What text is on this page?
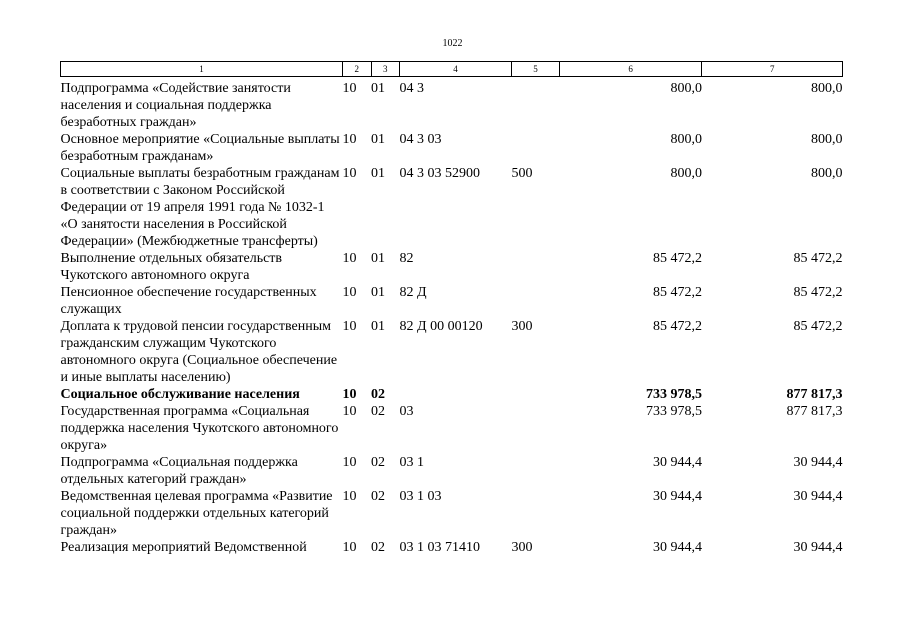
1022
1	2	3	4	5	6	7
Подпрограмма «Содействие занятости населения и социальная поддержка безработных граждан»	10	01	04 3		800,0	800,0
Основное мероприятие «Социальные выплаты безработным гражданам»	10	01	04 3 03		800,0	800,0
Социальные выплаты безработным гражданам в соответствии с Законом Российской Федерации от 19 апреля 1991 года № 1032-1 «О занятости населения в Российской Федерации» (Межбюджетные трансферты)	10	01	04 3 03 52900	500	800,0	800,0
Выполнение отдельных обязательств Чукотского автономного округа	10	01	82		85 472,2	85 472,2
Пенсионное обеспечение государственных служащих	10	01	82 Д		85 472,2	85 472,2
Доплата к трудовой пенсии государственным гражданским служащим Чукотского автономного округа (Социальное обеспечение и иные выплаты населению)	10	01	82 Д 00 00120	300	85 472,2	85 472,2
Социальное обслуживание населения	10	02			733 978,5	877 817,3
Государственная программа «Социальная поддержка населения Чукотского автономного округа»	10	02	03		733 978,5	877 817,3
Подпрограмма «Социальная поддержка отдельных категорий граждан»	10	02	03 1		30 944,4	30 944,4
Ведомственная целевая программа «Развитие социальной поддержки отдельных категорий граждан»	10	02	03 1 03		30 944,4	30 944,4
Реализация мероприятий Ведомственной	10	02	03 1 03 71410	300	30 944,4	30 944,4
